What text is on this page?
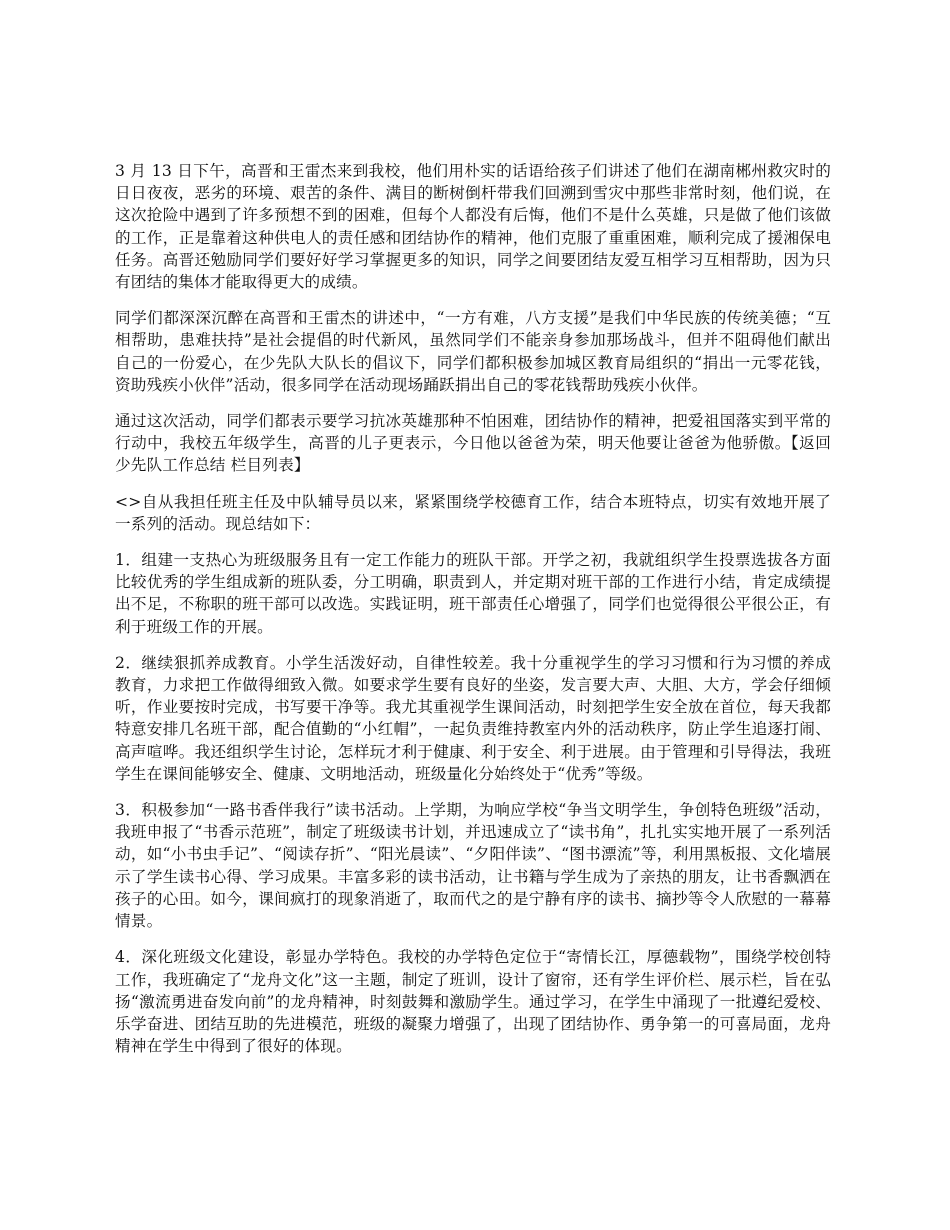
3 月 13 日下午，高晋和王雷杰来到我校，他们用朴实的话语给孩子们讲述了他们在湖南郴州救灾时的日日夜夜，恶劣的环境、艰苦的条件、满目的断树倒杆带我们回溯到雪灾中那些非常时刻，他们说，在这次抢险中遇到了许多预想不到的困难，但每个人都没有后悔，他们不是什么英雄，只是做了他们该做的工作，正是靠着这种供电人的责任感和团结协作的精神，他们克服了重重困难，顺利完成了援湘保电任务。高晋还勉励同学们要好好学习掌握更多的知识，同学之间要团结友爱互相学习互相帮助，因为只有团结的集体才能取得更大的成绩。

同学们都深深沉醉在高晋和王雷杰的讲述中，“一方有难，八方支援”是我们中华民族的传统美德；“互相帮助，患难扶持”是社会提倡的时代新风，虽然同学们不能亲身参加那场战斗，但并不阻碍他们献出自己的一份爱心，在少先队大队长的倡议下，同学们都积极参加城区教育局组织的“捐出一元零花钱，资助残疾小伙伴”活动，很多同学在活动现场踊跃捐出自己的零花钱帮助残疾小伙伴。

通过这次活动，同学们都表示要学习抗冰英雄那种不怕困难，团结协作的精神，把爱祖国落实到平常的行动中，我校五年级学生，高晋的儿子更表示，今日他以爸爸为荣，明天他要让爸爸为他骄傲。【返回 少先队工作总结 栏目列表】

<>自从我担任班主任及中队辅导员以来，紧紧围绕学校德育工作，结合本班特点，切实有效地开展了一系列的活动。现总结如下：

1．组建一支热心为班级服务且有一定工作能力的班队干部。开学之初，我就组织学生投票选拔各方面比较优秀的学生组成新的班队委，分工明确，职责到人，并定期对班干部的工作进行小结，肯定成绩提出不足，不称职的班干部可以改选。实践证明，班干部责任心增强了，同学们也觉得很公平很公正，有利于班级工作的开展。

2．继续狠抓养成教育。小学生活泼好动，自律性较差。我十分重视学生的学习习惯和行为习惯的养成教育，力求把工作做得细致入微。如要求学生要有良好的坐姿，发言要大声、大胆、大方，学会仔细倾听，作业要按时完成，书写要干净等。我尤其重视学生课间活动，时刻把学生安全放在首位，每天我都特意安排几名班干部，配合值勤的“小红帽”，一起负责维持教室内外的活动秩序，防止学生追逐打闹、高声喧哗。我还组织学生讨论，怎样玩才利于健康、利于安全、利于进展。由于管理和引导得法，我班学生在课间能够安全、健康、文明地活动，班级量化分始终处于“优秀”等级。

3．积极参加“一路书香伴我行”读书活动。上学期，为响应学校“争当文明学生，争创特色班级”活动，我班申报了“书香示范班”，制定了班级读书计划，并迅速成立了“读书角”，扎扎实实地开展了一系列活动，如“小书虫手记”、“阅读存折”、“阳光晨读”、“夕阳伴读”、“图书漂流”等，利用黑板报、文化墙展示了学生读书心得、学习成果。丰富多彩的读书活动，让书籍与学生成为了亲热的朋友，让书香飘洒在孩子的心田。如今，课间疯打的现象消逝了，取而代之的是宁静有序的读书、摘抄等令人欣慰的一幕幕情景。

4．深化班级文化建设，彰显办学特色。我校的办学特色定位于“寄情长江，厚德载物”，围绕学校创特工作，我班确定了“龙舟文化”这一主题，制定了班训，设计了窗帘，还有学生评价栏、展示栏，旨在弘扬“激流勇进奋发向前”的龙舟精神，时刻鼓舞和激励学生。通过学习，在学生中涌现了一批遵纪爱校、乐学奋进、团结互助的先进模范，班级的凝聚力增强了，出现了团结协作、勇争第一的可喜局面，龙舟精神在学生中得到了很好的体现。
